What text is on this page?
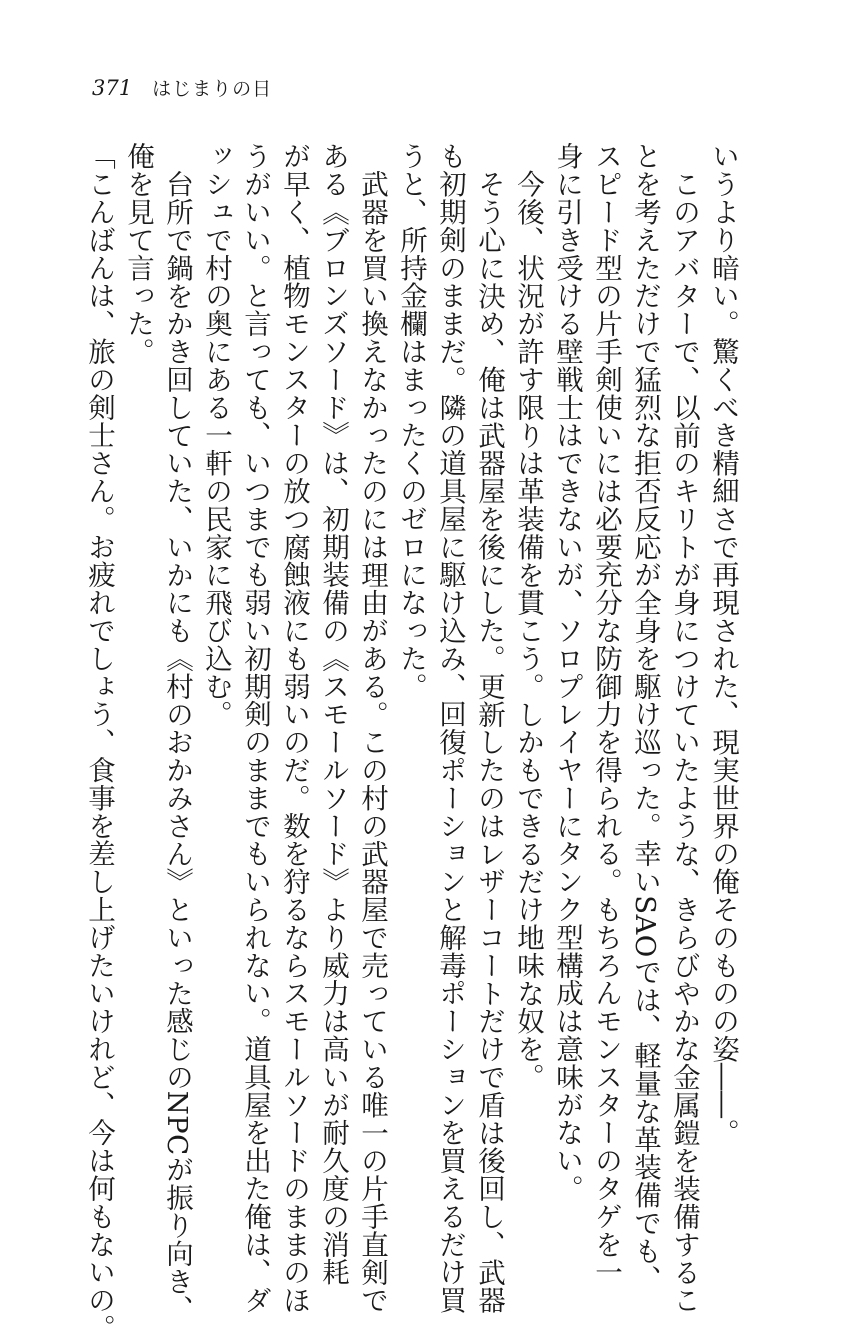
371 はじまりの日
いうより暗い。驚くべき精細さで再現された、現実世界の俺そのものの姿――。
このアバターで、以前のキリトが身につけていたような、きらびやかな金属鎧を装備するこ
とを考えただけで猛烈な拒否反応が全身を駆け巡った。幸いSAOでは、軽量な革装備でも、
スピード型の片手剣使いには必要充分な防御力を得られる。もちろんモンスターのタゲを一
身に引き受ける壁戦士はできないが、ソロプレイヤーにタンク型構成は意味がない。
今後、状況が許す限りは革装備を貫こう。しかもできるだけ地味な奴を。
そう心に決め、俺は武器屋を後にした。更新したのはレザーコートだけで盾は後回し、武器
も初期剣のままだ。隣の道具屋に駆け込み、回復ポーションと解毒ポーションを買えるだけ買
うと、所持金欄はまったくのゼロになった。
武器を買い換えなかったのには理由がある。この村の武器屋で売っている唯一の片手直剣で
ある《ブロンズソード》は、初期装備の《スモールソード》より威力は高いが耐久度の消耗
が早く、植物モンスターの放つ腐蝕液にも弱いのだ。数を狩るならスモールソードのままのほ
うがいい。と言っても、いつまでも弱い初期剣のままでもいられない。道具屋を出た俺は、ダ
ッシュで村の奥にある一軒の民家に飛び込む。
台所で鍋をかき回していた、いかにも《村のおかみさん》といった感じのNPCが振り向き、
俺を見て言った。
「こんばんは、旅の剣士さん。お疲れでしょう、食事を差し上げたいけれど、今は何もないの。
